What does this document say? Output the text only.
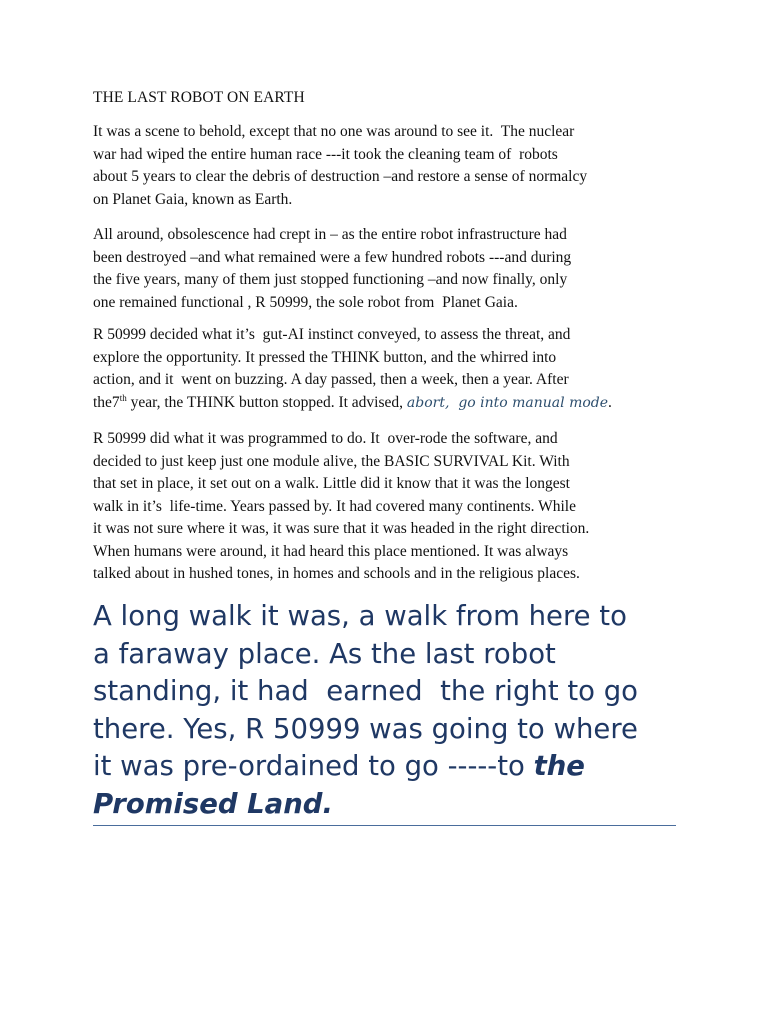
THE LAST ROBOT ON EARTH

It was a scene to behold, except that no one was around to see it.  The nuclear
war had wiped the entire human race ---it took the cleaning team of  robots
about 5 years to clear the debris of destruction –and restore a sense of normalcy
on Planet Gaia, known as Earth.

All around, obsolescence had crept in – as the entire robot infrastructure had
been destroyed –and what remained were a few hundred robots ---and during
the five years, many of them just stopped functioning –and now finally, only
one remained functional , R 50999, the sole robot from  Planet Gaia.

R 50999 decided what it’s  gut-AI instinct conveyed, to assess the threat, and
explore the opportunity. It pressed the THINK button, and the whirred into
action, and it  went on buzzing. A day passed, then a week, then a year. After
the7th year, the THINK button stopped. It advised, abort,  go into manual mode.

R 50999 did what it was programmed to do. It  over-rode the software, and
decided to just keep just one module alive, the BASIC SURVIVAL Kit. With
that set in place, it set out on a walk. Little did it know that it was the longest
walk in it’s  life-time. Years passed by. It had covered many continents. While
it was not sure where it was, it was sure that it was headed in the right direction.
When humans were around, it had heard this place mentioned. It was always
talked about in hushed tones, in homes and schools and in the religious places.

A long walk it was, a walk from here to
a faraway place. As the last robot
standing, it had  earned  the right to go
there. Yes, R 50999 was going to where
it was pre-ordained to go -----to the
Promised Land.
